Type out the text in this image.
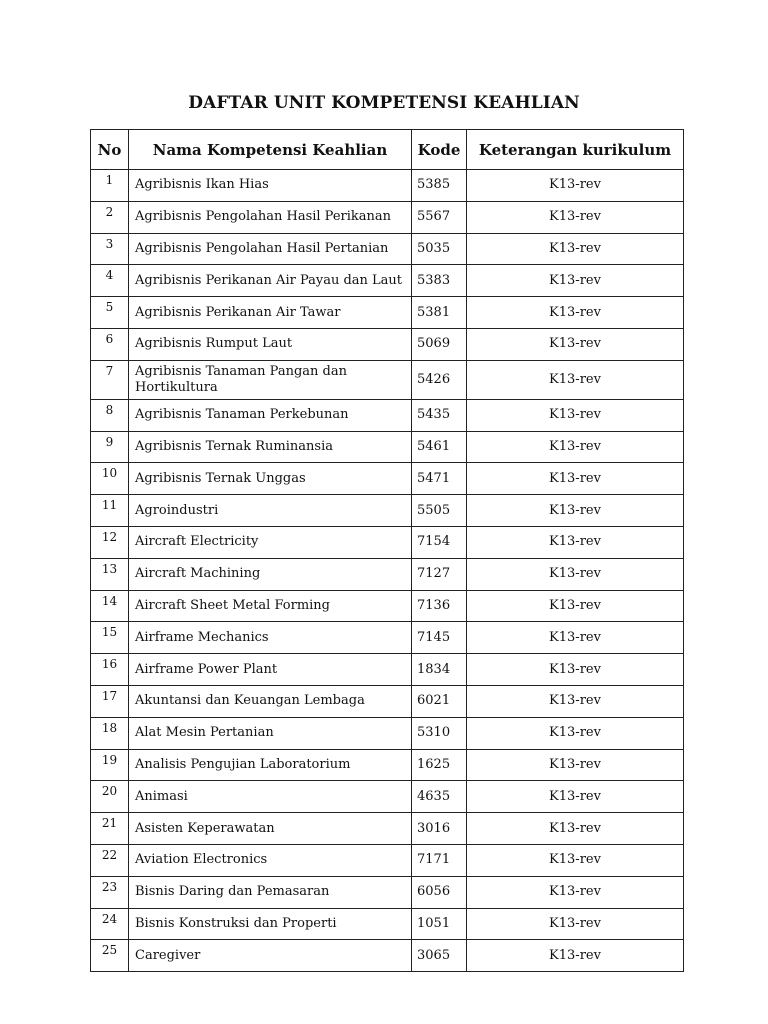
DAFTAR UNIT KOMPETENSI KEAHLIAN
No	Nama Kompetensi Keahlian	Kode	Keterangan kurikulum
1	Agribisnis Ikan Hias	5385	K13-rev
2	Agribisnis Pengolahan Hasil Perikanan	5567	K13-rev
3	Agribisnis Pengolahan Hasil Pertanian	5035	K13-rev
4	Agribisnis Perikanan Air Payau dan Laut	5383	K13-rev
5	Agribisnis Perikanan Air Tawar	5381	K13-rev
6	Agribisnis Rumput Laut	5069	K13-rev
7	Agribisnis Tanaman Pangan dan Hortikultura	5426	K13-rev
8	Agribisnis Tanaman Perkebunan	5435	K13-rev
9	Agribisnis Ternak Ruminansia	5461	K13-rev
10	Agribisnis Ternak Unggas	5471	K13-rev
11	Agroindustri	5505	K13-rev
12	Aircraft Electricity	7154	K13-rev
13	Aircraft Machining	7127	K13-rev
14	Aircraft Sheet Metal Forming	7136	K13-rev
15	Airframe Mechanics	7145	K13-rev
16	Airframe Power Plant	1834	K13-rev
17	Akuntansi dan Keuangan Lembaga	6021	K13-rev
18	Alat Mesin Pertanian	5310	K13-rev
19	Analisis Pengujian Laboratorium	1625	K13-rev
20	Animasi	4635	K13-rev
21	Asisten Keperawatan	3016	K13-rev
22	Aviation Electronics	7171	K13-rev
23	Bisnis Daring dan Pemasaran	6056	K13-rev
24	Bisnis Konstruksi dan Properti	1051	K13-rev
25	Caregiver	3065	K13-rev
